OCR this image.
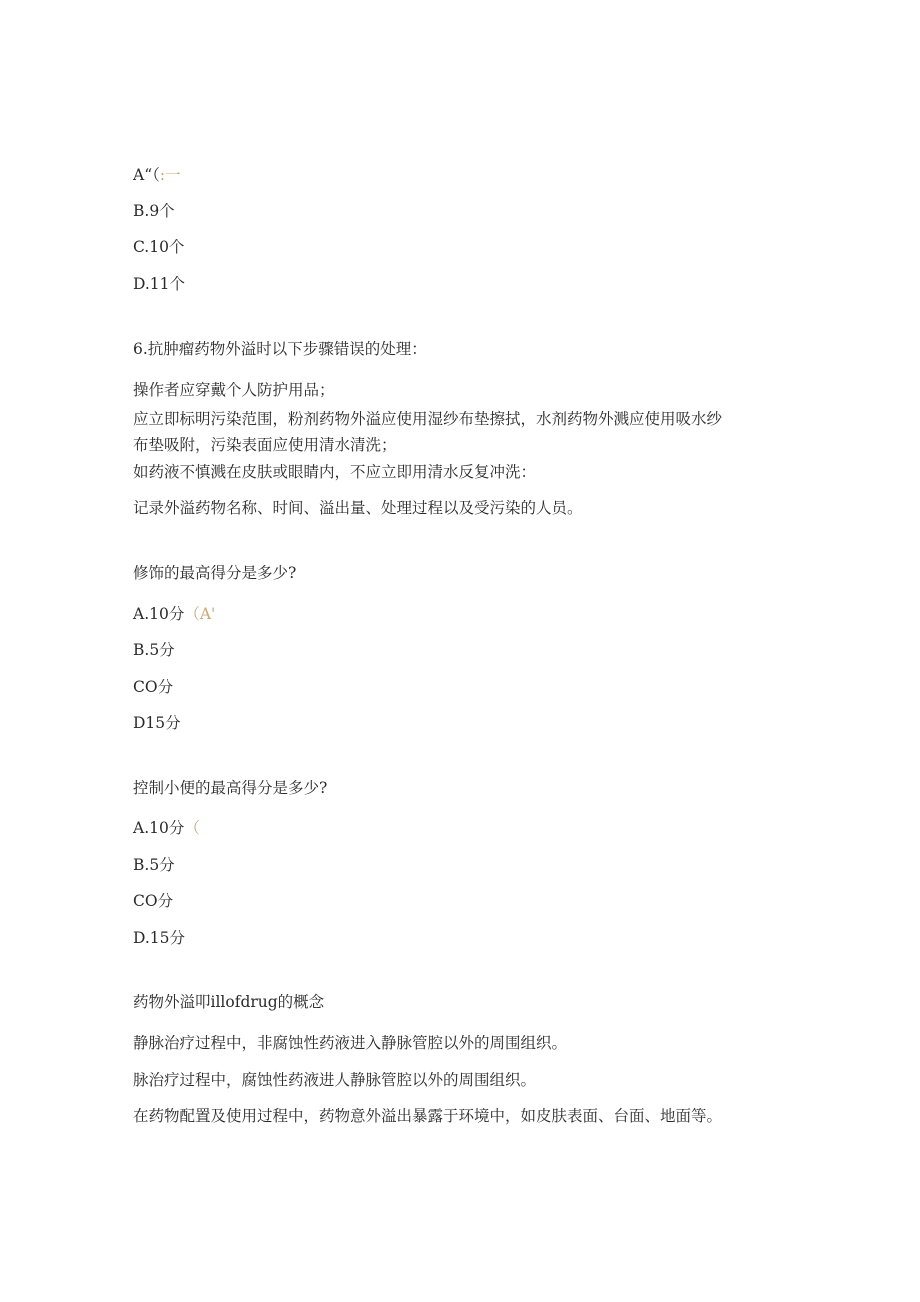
A“（:一
B.9个
C.10个
D.11个
6.抗肿瘤药物外溢时以下步骤错误的处理：
操作者应穿戴个人防护用品；
应立即标明污染范围，粉剂药物外溢应使用湿纱布垫擦拭，水剂药物外溅应使用吸水纱
布垫吸附，污染表面应使用清水清洗；
如药液不慎溅在皮肤或眼睛内，不应立即用清水反复冲洗：
记录外溢药物名称、时间、溢出量、处理过程以及受污染的人员。
修饰的最高得分是多少?
A.10分（A'
B.5分
CO分
D15分
控制小便的最高得分是多少?
A.10分（
B.5分
CO分
D.15分
药物外溢叩illofdrug的概念
静脉治疗过程中，非腐蚀性药液进入静脉管腔以外的周围组织。
脉治疗过程中，腐蚀性药液进人静脉管腔以外的周围组织。
在药物配置及使用过程中，药物意外溢出暴露于环境中，如皮肤表面、台面、地面等。
